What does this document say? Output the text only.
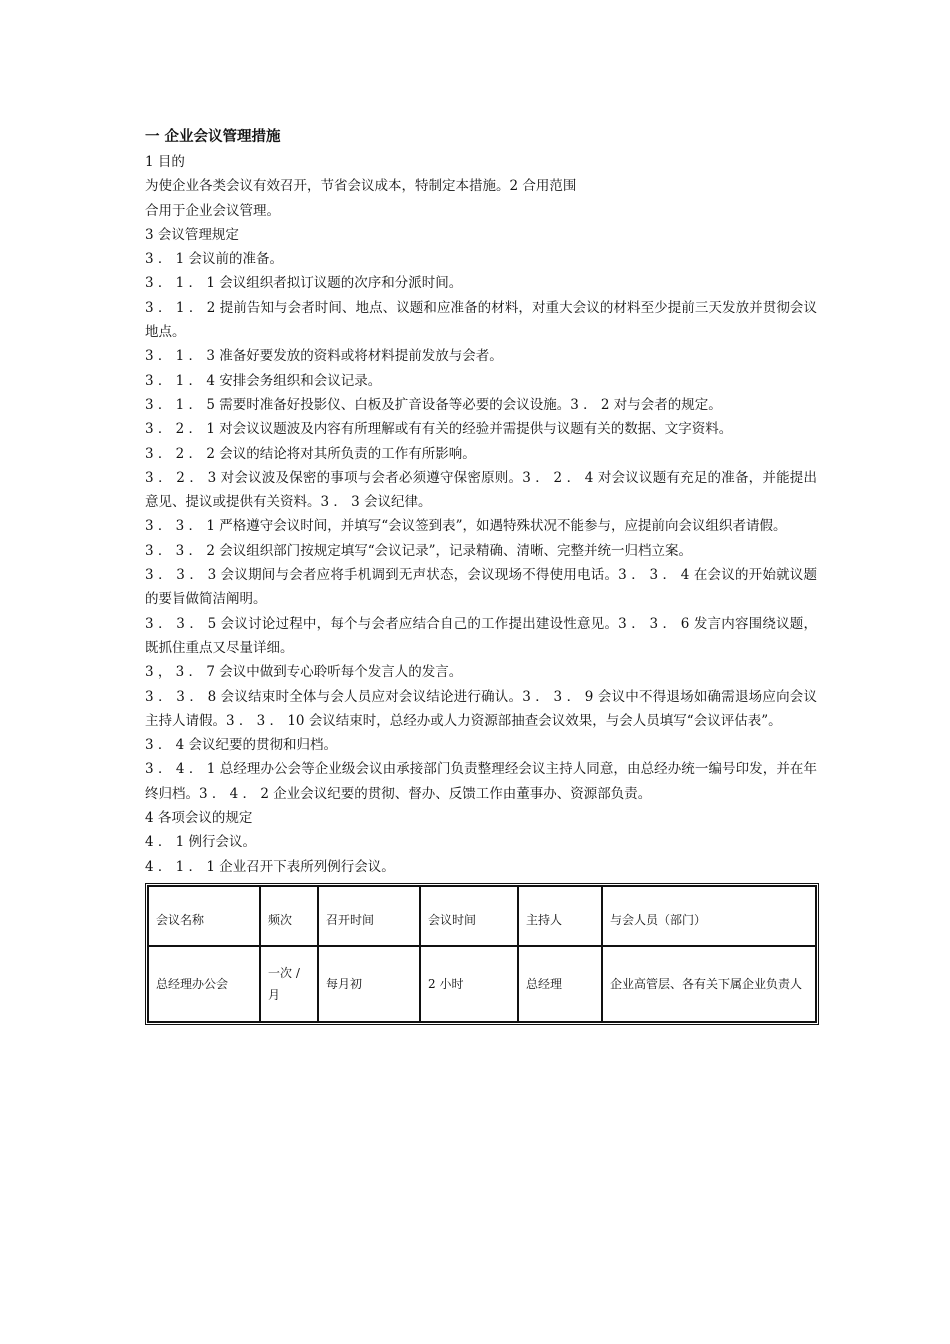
一 企业会议管理措施
1 目的
为使企业各类会议有效召开，节省会议成本，特制定本措施。2 合用范围
合用于企业会议管理。
3 会议管理规定
3 ． 1 会议前的准备。
3 ． 1 ． 1 会议组织者拟订议题的次序和分派时间。
3 ． 1 ． 2 提前告知与会者时间、地点、议题和应准备的材料，对重大会议的材料至少提前三天发放并贯彻会议地点。
3 ． 1 ． 3 准备好要发放的资料或将材料提前发放与会者。
3 ． 1 ． 4 安排会务组织和会议记录。
3 ． 1 ． 5 需要时准备好投影仪、白板及扩音设备等必要的会议设施。3 ． 2 对与会者的规定。
3 ． 2 ． 1 对会议议题波及内容有所理解或有有关的经验并需提供与议题有关的数据、文字资料。
3 ． 2 ． 2 会议的结论将对其所负责的工作有所影响。
3 ． 2 ． 3 对会议波及保密的事项与会者必须遵守保密原则。3 ． 2 ． 4 对会议议题有充足的准备，并能提出意见、提议或提供有关资料。3 ． 3 会议纪律。
3 ． 3 ． 1 严格遵守会议时间，并填写“会议签到表”，如遇特殊状况不能参与，应提前向会议组织者请假。
3 ． 3 ． 2 会议组织部门按规定填写“会议记录”，记录精确、清晰、完整并统一归档立案。
3 ． 3 ． 3 会议期间与会者应将手机调到无声状态，会议现场不得使用电话。3 ． 3 ． 4 在会议的开始就议题的要旨做简洁阐明。
3 ． 3 ． 5 会议讨论过程中，每个与会者应结合自己的工作提出建设性意见。3 ． 3 ． 6 发言内容围绕议题，既抓住重点又尽量详细。
3 ， 3 ． 7 会议中做到专心聆听每个发言人的发言。
3 ． 3 ． 8 会议结束时全体与会人员应对会议结论进行确认。3 ． 3 ． 9 会议中不得退场如确需退场应向会议主持人请假。3 ． 3 ． 10 会议结束时，总经办或人力资源部抽查会议效果，与会人员填写“会议评估表”。
3 ． 4 会议纪要的贯彻和归档。
3 ． 4 ． 1 总经理办公会等企业级会议由承接部门负责整理经会议主持人同意，由总经办统一编号印发，并在年终归档。3 ． 4 ． 2 企业会议纪要的贯彻、督办、反馈工作由董事办、资源部负责。
4 各项会议的规定
4 ． 1 例行会议。
4 ． 1 ． 1 企业召开下表所列例行会议。
会议名称	频次	召开时间	会议时间	主持人	与会人员（部门）
总经理办公会	一次 / 月	每月初	2 小时	总经理	企业高管层、各有关下属企业负责人
